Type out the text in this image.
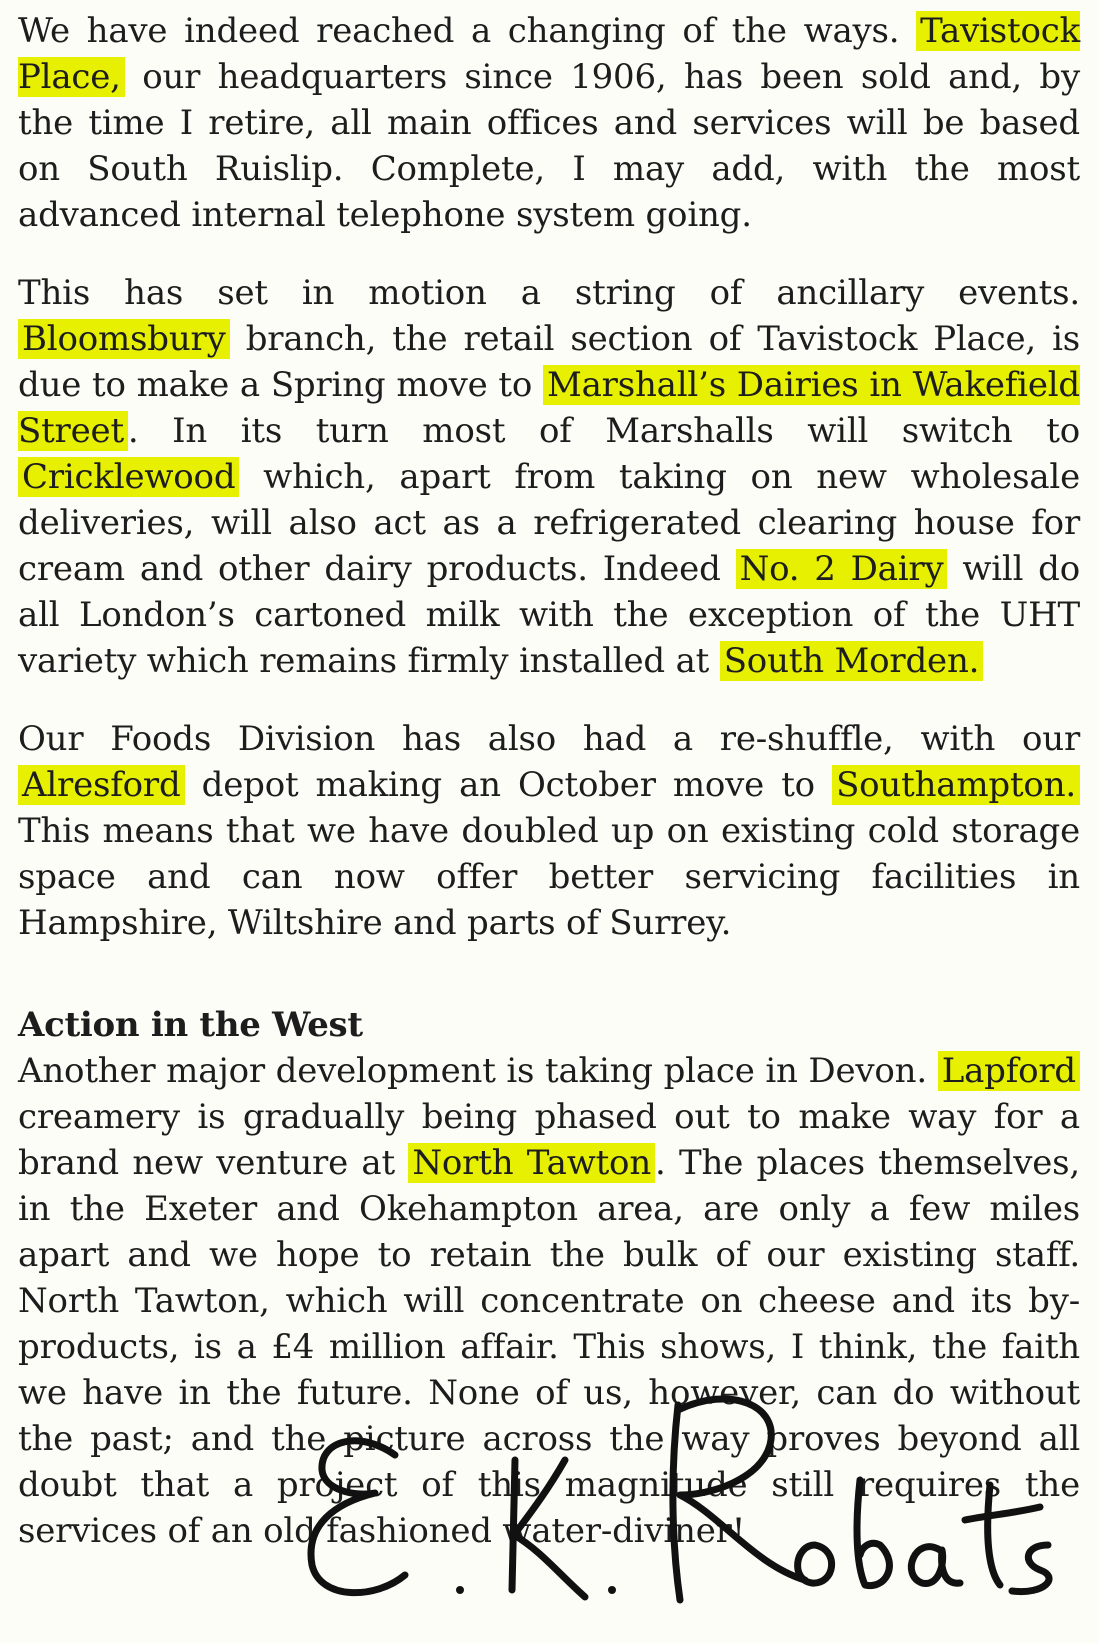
We have indeed reached a changing of the ways. Tavistock Place, our headquarters since 1906, has been sold and, by the time I retire, all main offices and services will be based on South Ruislip. Complete, I may add, with the most advanced internal telephone system going.

This has set in motion a string of ancillary events. Bloomsbury branch, the retail section of Tavistock Place, is due to make a Spring move to Marshall’s Dairies in Wakefield Street . In its turn most of Marshalls will switch to Cricklewood which, apart from taking on new wholesale deliveries, will also act as a refrigerated clearing house for cream and other dairy products. Indeed No. 2 Dairy will do all London’s cartoned milk with the exception of the UHT variety which remains firmly installed at South Morden.

Our Foods Division has also had a re-shuffle, with our Alresford depot making an October move to Southampton. This means that we have doubled up on existing cold storage space and can now offer better servicing facilities in Hampshire, Wiltshire and parts of Surrey.

Action in the West

Another major development is taking place in Devon. Lapford creamery is gradually being phased out to make way for a brand new venture at North Tawton . The places themselves, in the Exeter and Okehampton area, are only a few miles apart and we hope to retain the bulk of our existing staff. North Tawton, which will concentrate on cheese and its by-products, is a £4 million affair. This shows, I think, the faith we have in the future. None of us, however, can do without the past; and the picture across the way proves beyond all doubt that a project of this magnitude still requires the services of an old fashioned water-diviner!
